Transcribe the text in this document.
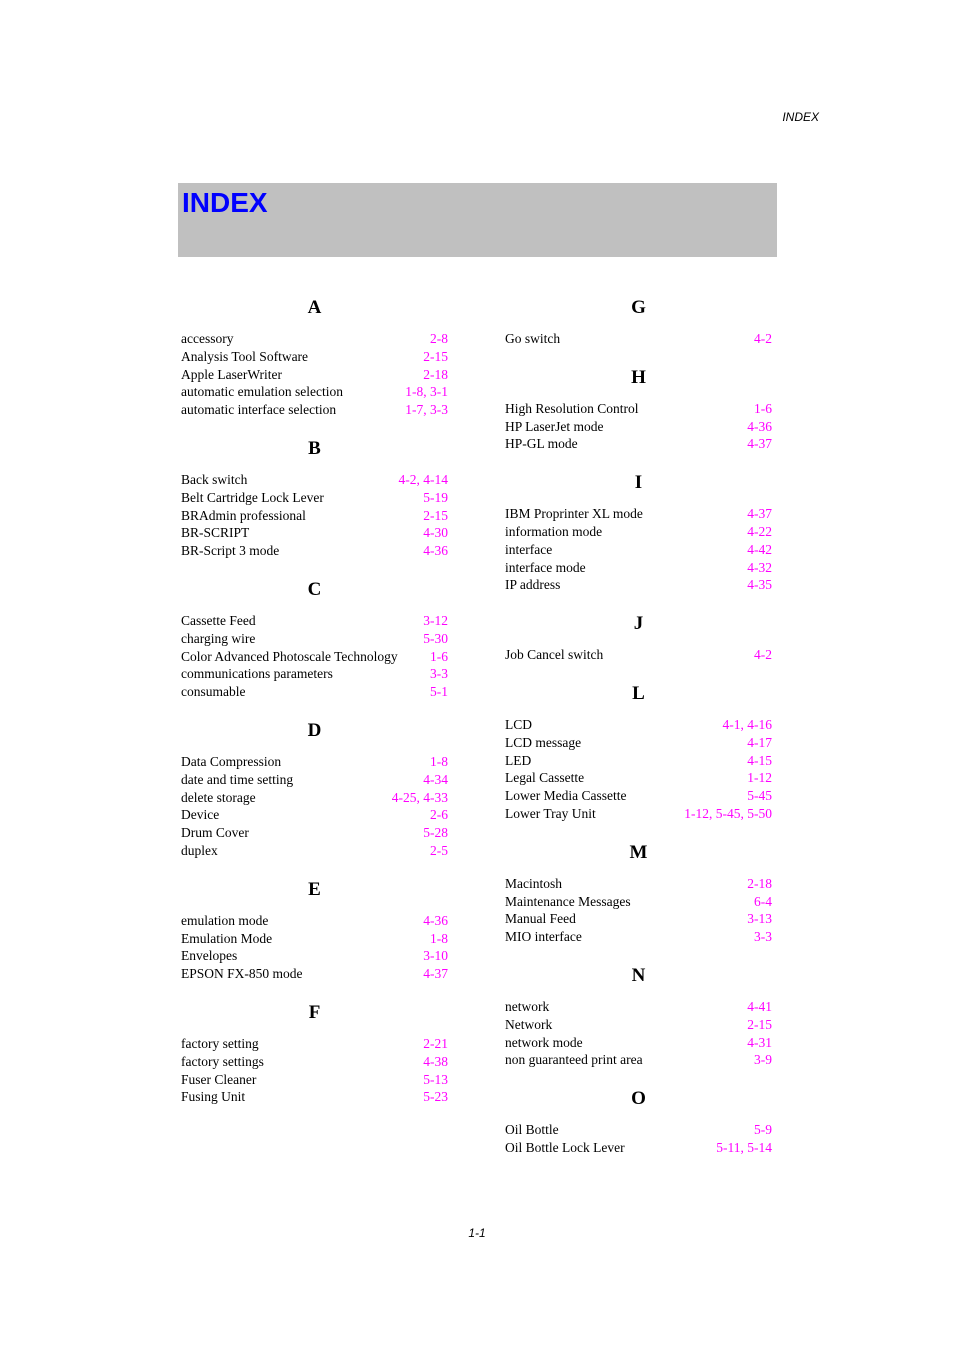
INDEX
INDEX
A
accessory	2-8
Analysis Tool Software	2-15
Apple LaserWriter	2-18
automatic emulation selection	1-8, 3-1
automatic interface selection	1-7, 3-3
B
Back switch	4-2, 4-14
Belt Cartridge Lock Lever	5-19
BRAdmin professional	2-15
BR-SCRIPT	4-30
BR-Script 3 mode	4-36
C
Cassette Feed	3-12
charging wire	5-30
Color Advanced Photoscale Technology	1-6
communications parameters	3-3
consumable	5-1
D
Data Compression	1-8
date and time setting	4-34
delete storage	4-25, 4-33
Device	2-6
Drum Cover	5-28
duplex	2-5
E
emulation mode	4-36
Emulation Mode	1-8
Envelopes	3-10
EPSON FX-850 mode	4-37
F
factory setting	2-21
factory settings	4-38
Fuser Cleaner	5-13
Fusing Unit	5-23
G
Go switch	4-2
H
High Resolution Control	1-6
HP LaserJet mode	4-36
HP-GL mode	4-37
I
IBM Proprinter XL mode	4-37
information mode	4-22
interface	4-42
interface mode	4-32
IP address	4-35
J
Job Cancel switch	4-2
L
LCD	4-1, 4-16
LCD message	4-17
LED	4-15
Legal Cassette	1-12
Lower Media Cassette	5-45
Lower Tray Unit	1-12, 5-45, 5-50
M
Macintosh	2-18
Maintenance Messages	6-4
Manual Feed	3-13
MIO interface	3-3
N
network	4-41
Network	2-15
network mode	4-31
non guaranteed print area	3-9
O
Oil Bottle	5-9
Oil Bottle Lock Lever	5-11, 5-14
1-1
